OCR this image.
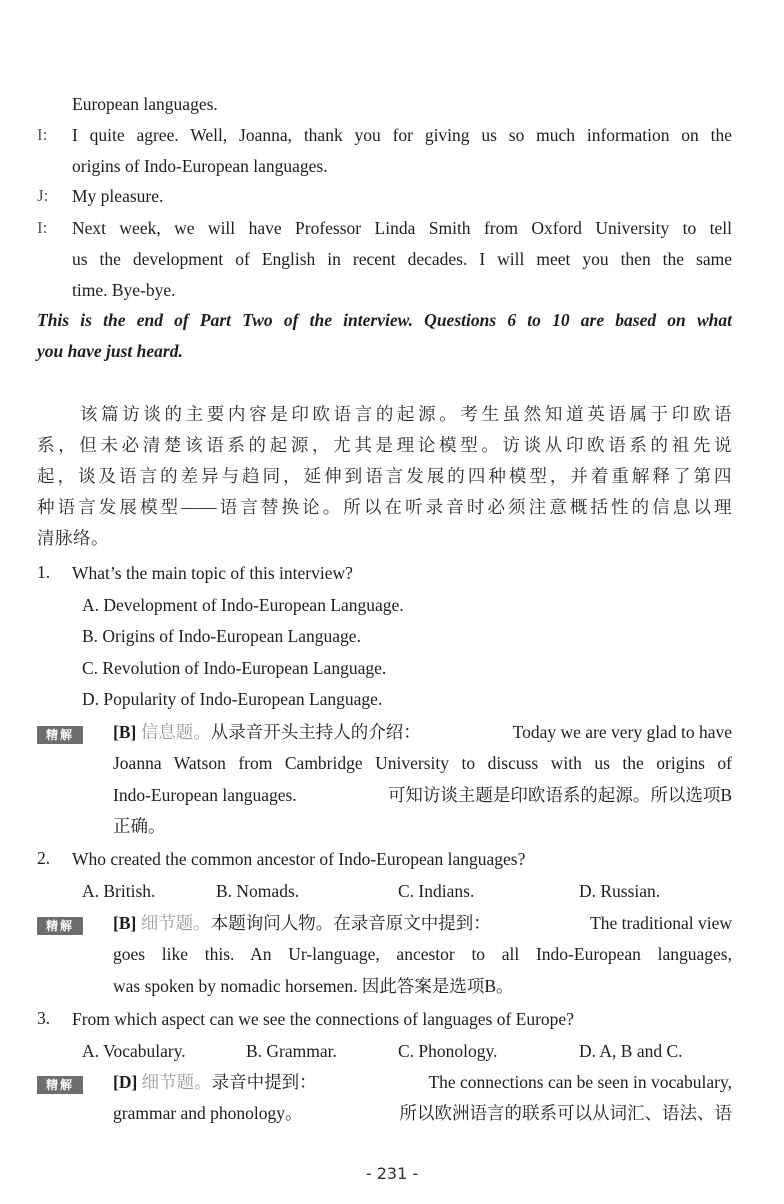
European languages.
I: I quite agree. Well, Joanna, thank you for giving us so much information on the
origins of Indo-European languages.
J: My pleasure.
I: Next week, we will have Professor Linda Smith from Oxford University to tell
us the development of English in recent decades. I will meet you then the same
time. Bye-bye.
This is the end of Part Two of the interview. Questions 6 to 10 are based on what
you have just heard.
该篇访谈的主要内容是印欧语言的起源。考生虽然知道英语属于印欧语
系，但未必清楚该语系的起源，尤其是理论模型。访谈从印欧语系的祖先说
起，谈及语言的差异与趋同，延伸到语言发展的四种模型，并着重解释了第四
种语言发展模型——语言替换论。所以在听录音时必须注意概括性的信息以理
清脉络。
1. What’s the main topic of this interview?
A. Development of Indo-European Language.
B. Origins of Indo-European Language.
C. Revolution of Indo-European Language.
D. Popularity of Indo-European Language.
精解	[B] 信息题。从录音开头主持人的介绍：	Today we are very glad to have
Joanna Watson from Cambridge University to discuss with us the origins of
Indo-European languages.	可知访谈主题是印欧语系的起源。所以选项B
正确。
2. Who created the common ancestor of Indo-European languages?
A. British.	B. Nomads.	C. Indians.	D. Russian.
精解	[B] 细节题。本题询问人物。在录音原文中提到：	The traditional view
goes like this. An Ur-language, ancestor to all Indo-European languages,
was spoken by nomadic horsemen. 因此答案是选项B。
3. From which aspect can we see the connections of languages of Europe?
A. Vocabulary.	B. Grammar.	C. Phonology.	D. A, B and C.
精解	[D] 细节题。录音中提到：	The connections can be seen in vocabulary,
grammar and phonology。	所以欧洲语言的联系可以从词汇、语法、语
- 231 -
